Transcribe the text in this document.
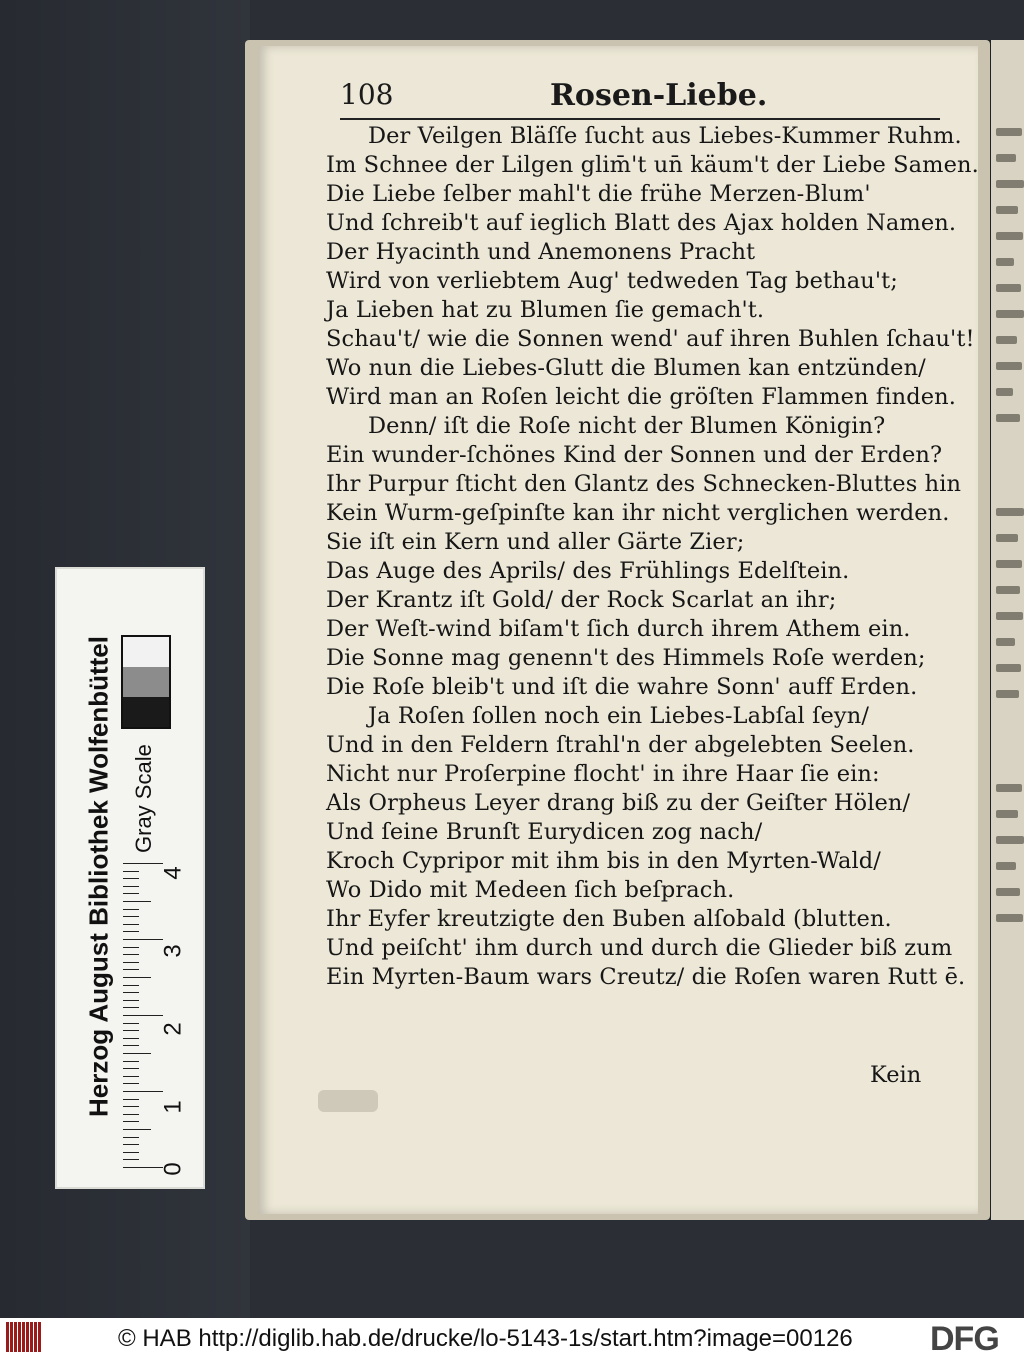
108	Rosen-Liebe.
Der Veilgen Bläſſe ſucht aus Liebes-Kummer Ruhm.
Im Schnee der Lilgen glim̄'t un̄ käum't der Liebe Samen.
Die Liebe ſelber mahl't die frühe Merzen-Blum'
Und ſchreib't auf ieglich Blatt des Ajax holden Namen.
Der Hyacinth und Anemonens Pracht
Wird von verliebtem Aug' tedweden Tag bethau't;
Ja Lieben hat zu Blumen ſie gemach't.
Schau't/ wie die Sonnen wend' auf ihren Buhlen ſchau't!
Wo nun die Liebes-Glutt die Blumen kan entzünden/
Wird man an Roſen leicht die gröſten Flammen finden.
Denn/ iſt die Roſe nicht der Blumen Königin?
Ein wunder-ſchönes Kind der Sonnen und der Erden?
Ihr Purpur ſticht den Glantz des Schnecken-Bluttes hin
Kein Wurm-geſpinſte kan ihr nicht verglichen werden.
Sie iſt ein Kern und aller Gärte Zier;
Das Auge des Aprils/ des Frühlings Edelſtein.
Der Krantz iſt Gold/ der Rock Scarlat an ihr;
Der Weſt-wind biſam't ſich durch ihrem Athem ein.
Die Sonne mag genenn't des Himmels Roſe werden;
Die Roſe bleib't und iſt die wahre Sonn' auff Erden.
Ja Roſen ſollen noch ein Liebes-Labſal ſeyn/
Und in den Feldern ſtrahl'n der abgelebten Seelen.
Nicht nur Proſerpine flocht' in ihre Haar ſie ein:
Als Orpheus Leyer drang biß zu der Geiſter Hölen/
Und ſeine Brunſt Eurydicen zog nach/
Kroch Cypripor mit ihm bis in den Myrten-Wald/
Wo Dido mit Medeen ſich beſprach.
Ihr Eyfer kreutzigte den Buben alſobald (blutten.
Und peiſcht' ihm durch und durch die Glieder biß zum
Ein Myrten-Baum wars Creutz/ die Roſen waren Rutt ē.
Kein
Herzog August Bibliothek Wolfenbüttel Gray Scale
0
1
2
3
4
© HAB http://diglib.hab.de/drucke/lo-5143-1s/start.htm?image=00126 DFG
